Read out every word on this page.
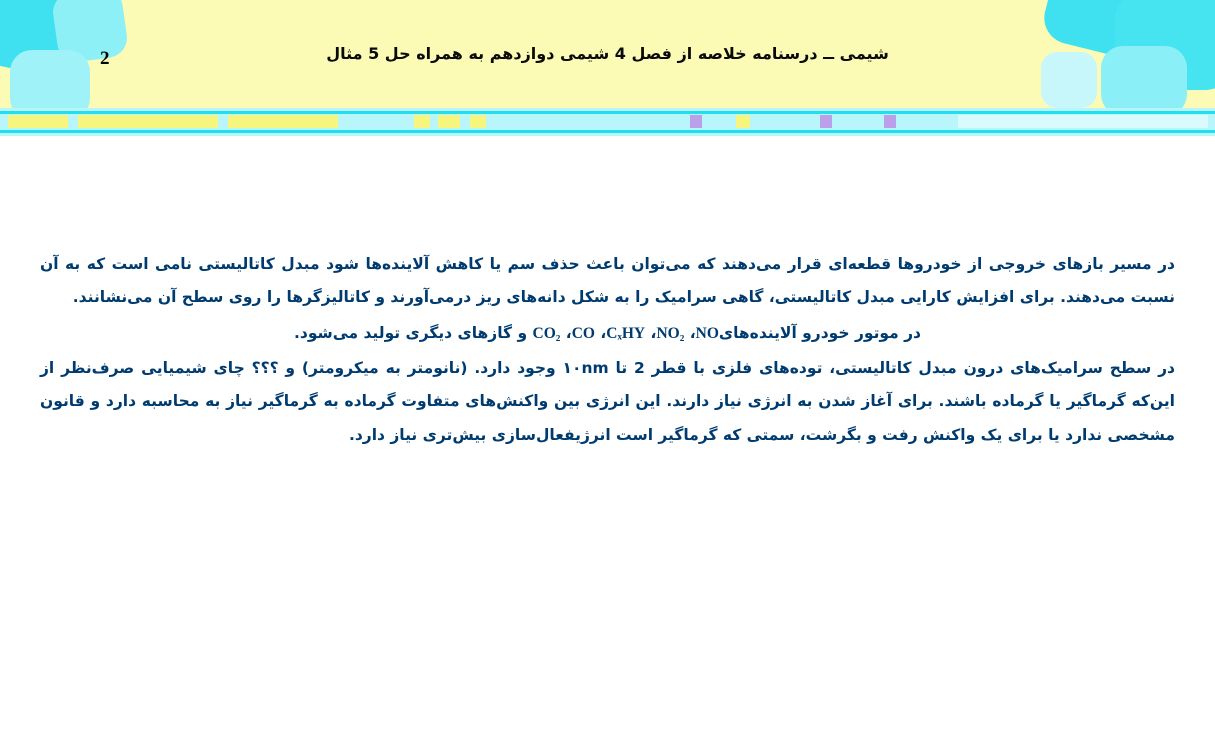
شیمی ــ درسنامه خلاصه از فصل 4 شیمی دوازدهم به همراه حل 5 مثال
2

در مسیر بازهای خروجی از خودروها قطعه‌ای قرار می‌دهند که می‌توان باعث حذف سم یا کاهش آلاینده‌ها شود مبدل کاتالیستی نامی است که به آن نسبت می‌دهند. برای افزایش کارایی مبدل کاتالیستی، گاهی سرامیک را به شکل دانه‌های ریز درمی‌آورند و کاتالیزگرها را روی سطح آن می‌نشانند.

در موتور خودرو آلاینده‌هایNO، NO₂، CₓHY، CO، CO₂ و گازهای دیگری تولید می‌شود.

در سطح سرامیک‌های درون مبدل کاتالیستی، توده‌های فلزی با قطر 2 تا ۱۰nm وجود دارد. (نانومتر به میکرومتر) و ؟؟؟ چای شیمیایی صرف‌نظر از این‌که گرماگیر یا گرماده باشند. برای آغاز شدن به انرژی نیاز دارند. این انرژی بین واکنش‌های متفاوت گرماده به گرماگیر نیاز به محاسبه دارد و قانون مشخصی ندارد یا برای یک واکنش رفت و بگرشت، سمتی که گرماگیر است انرژیفعال‌سازی بیش‌تری نیاز دارد.
